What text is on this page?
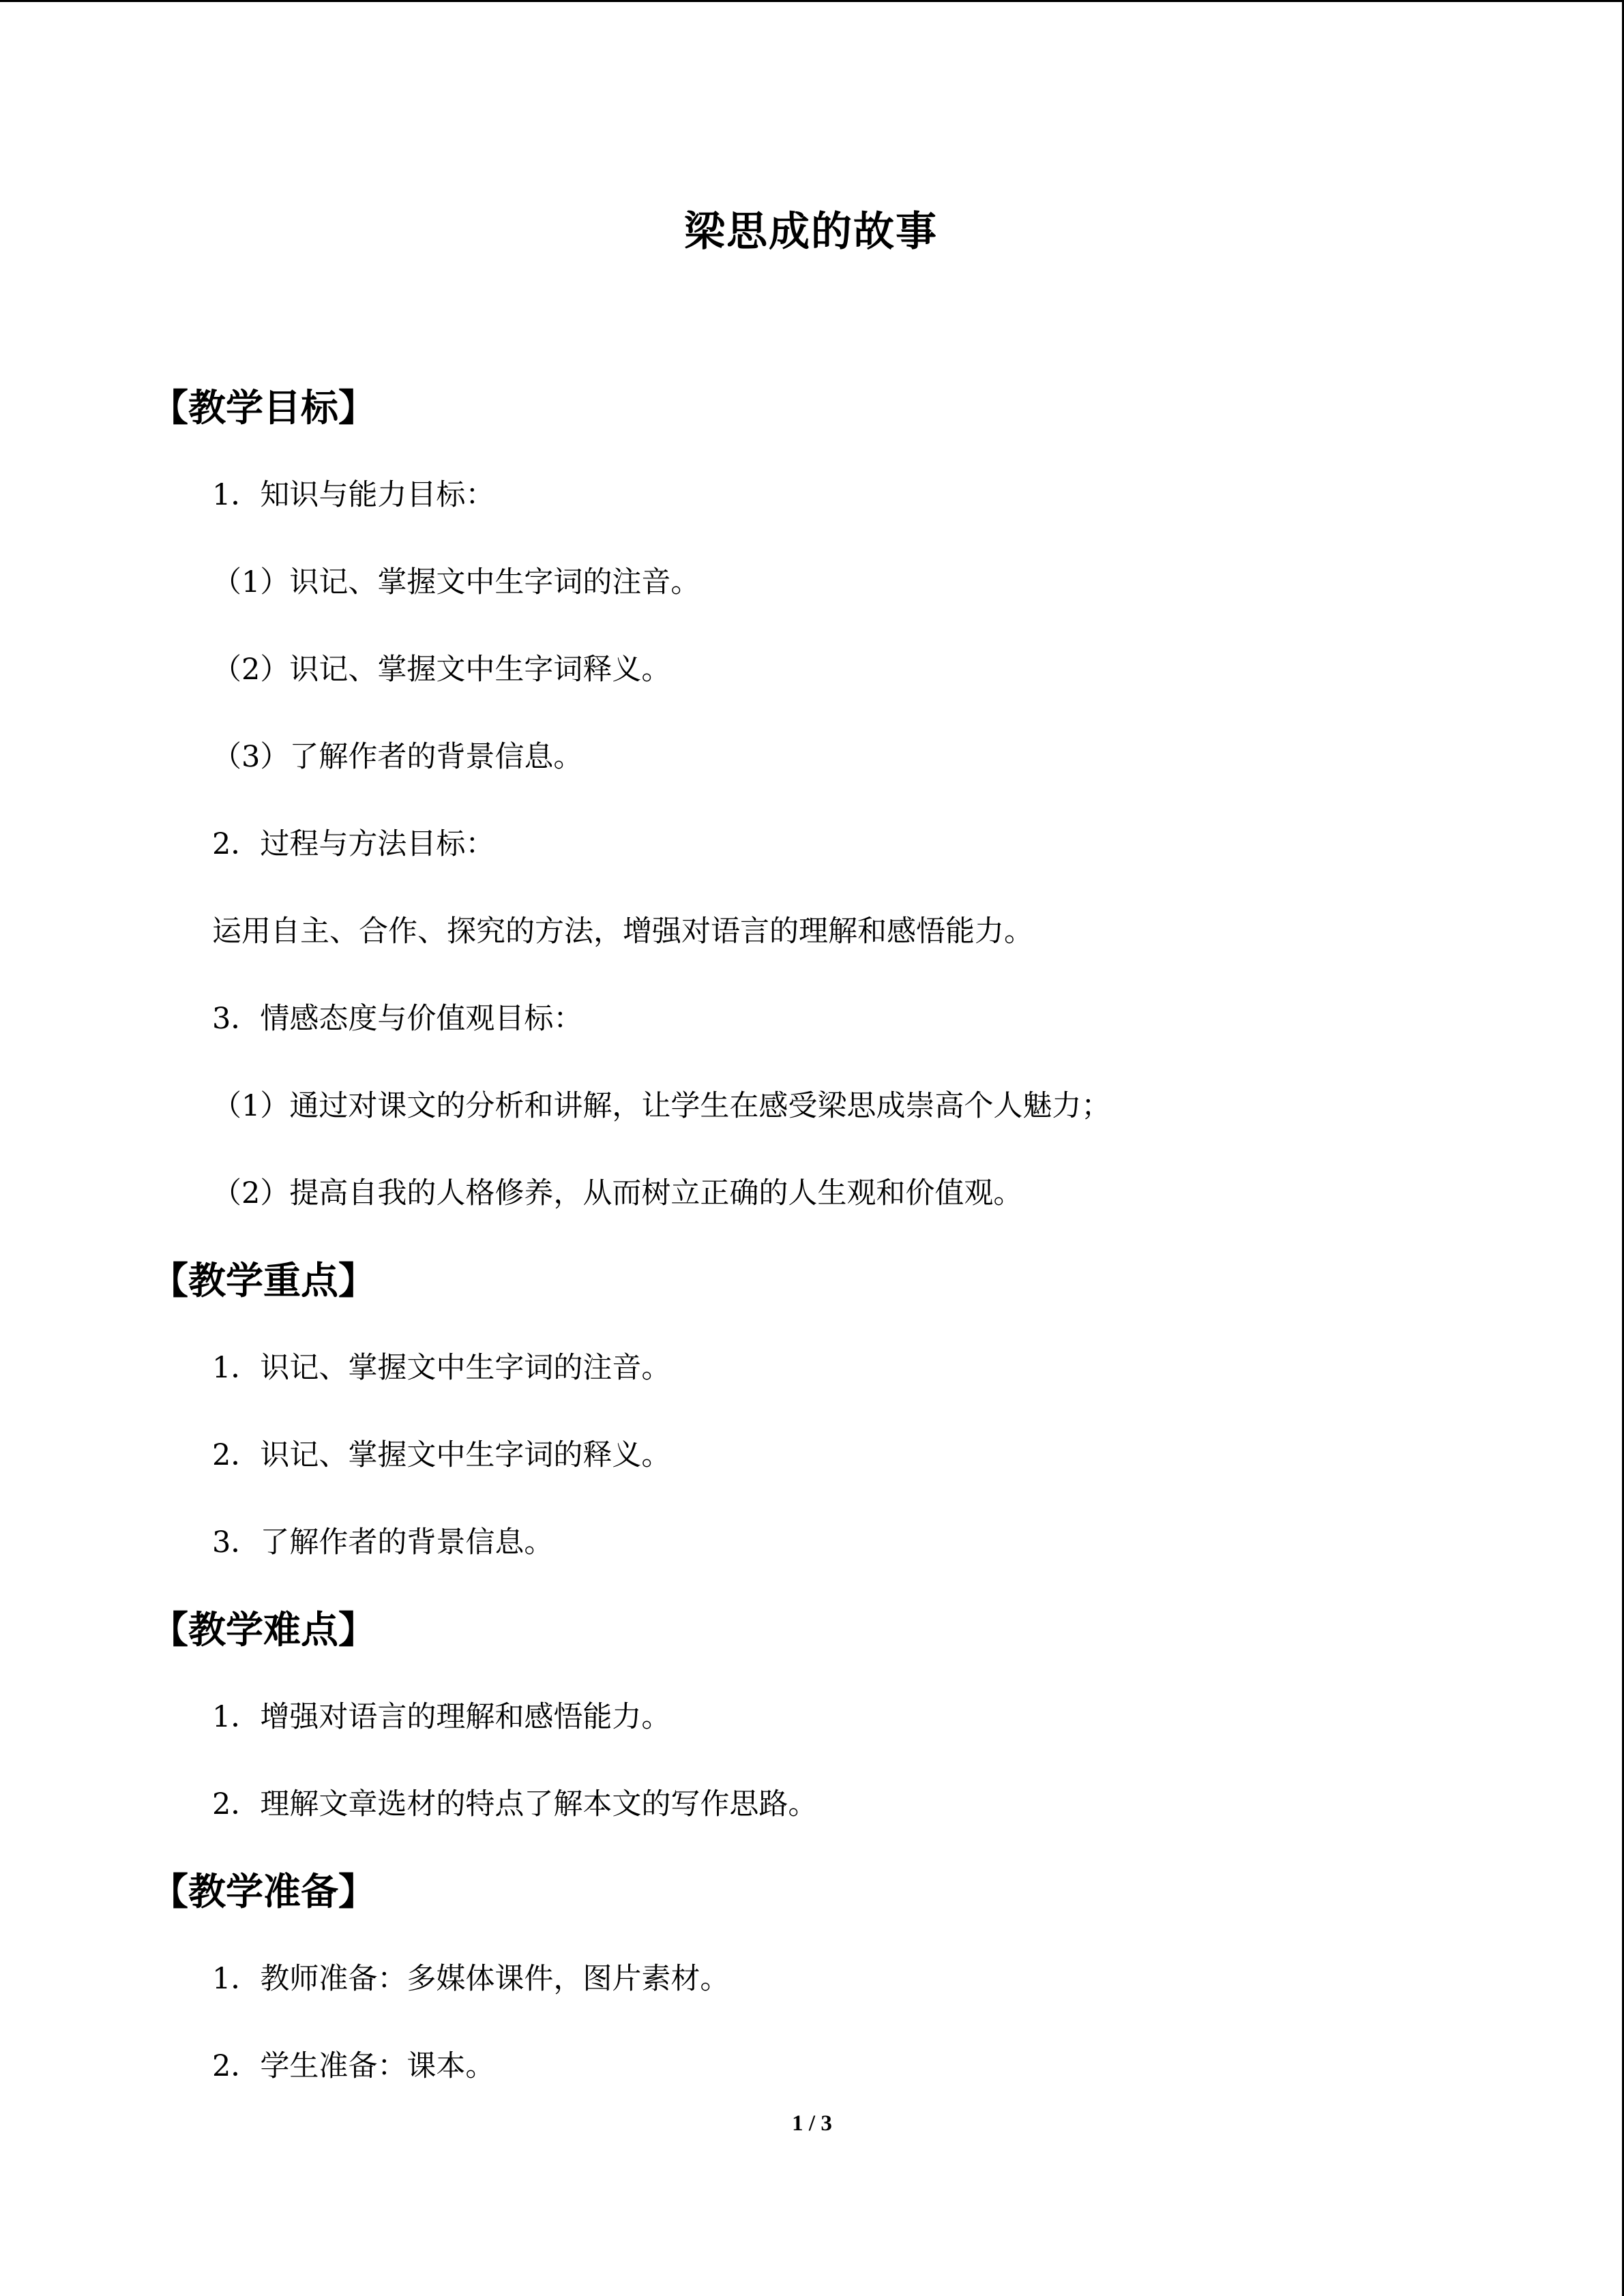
梁思成的故事
【教学目标】
1．知识与能力目标：
（1）识记、掌握文中生字词的注音。
（2）识记、掌握文中生字词释义。
（3）了解作者的背景信息。
2．过程与方法目标：
运用自主、合作、探究的方法，增强对语言的理解和感悟能力。
3．情感态度与价值观目标：
（1）通过对课文的分析和讲解，让学生在感受梁思成崇高个人魅力；
（2）提高自我的人格修养，从而树立正确的人生观和价值观。
【教学重点】
1．识记、掌握文中生字词的注音。
2．识记、掌握文中生字词的释义。
3．了解作者的背景信息。
【教学难点】
1．增强对语言的理解和感悟能力。
2．理解文章选材的特点了解本文的写作思路。
【教学准备】
1．教师准备：多媒体课件，图片素材。
2．学生准备：课本。
1 / 3
